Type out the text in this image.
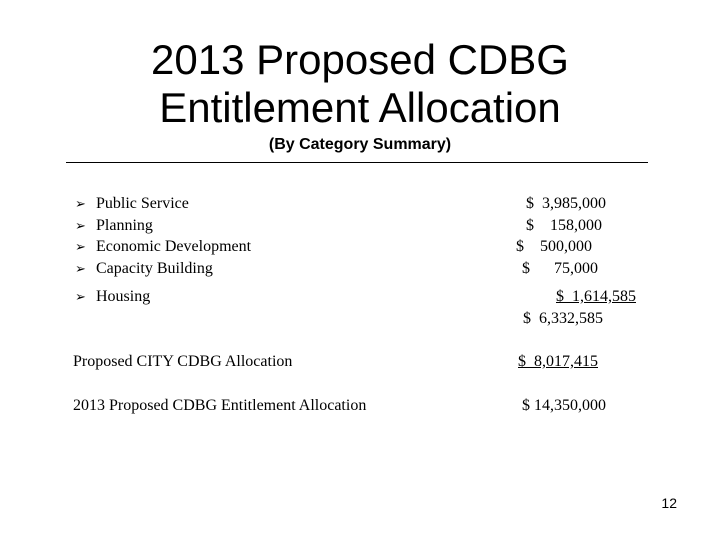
2013 Proposed CDBG
Entitlement Allocation
(By Category Summary)
➢ Public Service
➢ Planning
➢ Economic Development
➢ Capacity Building
➢ Housing
$  3,985,000
$    158,000
$    500,000
$      75,000
$  1,614,585
$  6,332,585
Proposed CITY CDBG Allocation	$  8,017,415
2013 Proposed CDBG Entitlement Allocation	$ 14,350,000
12
